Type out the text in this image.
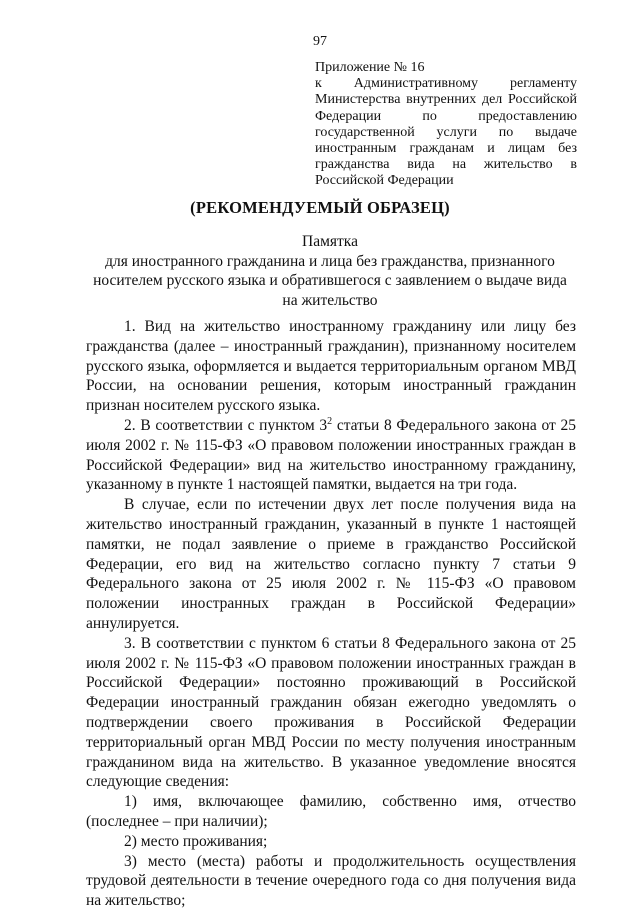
97
Приложение № 16
к Административному регламенту Министерства внутренних дел Российской Федерации по предоставлению государственной услуги по выдаче иностранным гражданам и лицам без гражданства вида на жительство в Российской Федерации
(РЕКОМЕНДУЕМЫЙ ОБРАЗЕЦ)
Памятка
для иностранного гражданина и лица без гражданства, признанного носителем русского языка и обратившегося с заявлением о выдаче вида на жительство

1. Вид на жительство иностранному гражданину или лицу без гражданства (далее – иностранный гражданин), признанному носителем русского языка, оформляется и выдается территориальным органом МВД России, на основании решения, которым иностранный гражданин признан носителем русского языка.

2. В соответствии с пунктом $3^2$ статьи 8 Федерального закона от 25 июля 2002 г. № 115-ФЗ «О правовом положении иностранных граждан в Российской Федерации» вид на жительство иностранному гражданину, указанному в пункте 1 настоящей памятки, выдается на три года.

В случае, если по истечении двух лет после получения вида на жительство иностранный гражданин, указанный в пункте 1 настоящей памятки, не подал заявление о приеме в гражданство Российской Федерации, его вид на жительство согласно пункту 7 статьи 9 Федерального закона от 25 июля 2002 г. № 115-ФЗ «О правовом положении иностранных граждан в Российской Федерации» аннулируется.

3. В соответствии с пунктом 6 статьи 8 Федерального закона от 25 июля 2002 г. № 115-ФЗ «О правовом положении иностранных граждан в Российской Федерации» постоянно проживающий в Российской Федерации иностранный гражданин обязан ежегодно уведомлять о подтверждении своего проживания в Российской Федерации территориальный орган МВД России по месту получения иностранным гражданином вида на жительство. В указанное уведомление вносятся следующие сведения:

1) имя, включающее фамилию, собственно имя, отчество (последнее – при наличии);

2) место проживания;

3) место (места) работы и продолжительность осуществления трудовой деятельности в течение очередного года со дня получения вида на жительство;
